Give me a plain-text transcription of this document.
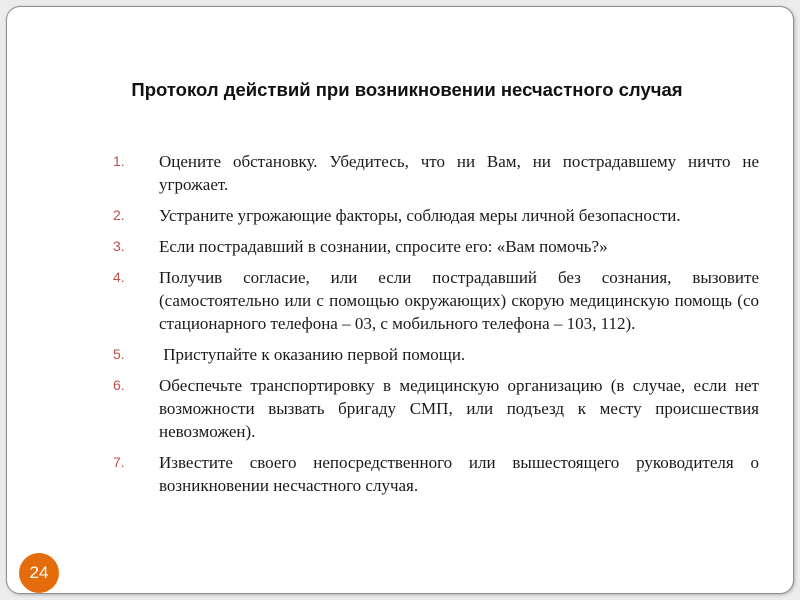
Протокол действий при возникновении несчастного случая
1. Оцените обстановку. Убедитесь, что ни Вам, ни пострадавшему ничто не угрожает.
2. Устраните угрожающие факторы, соблюдая меры личной безопасности.
3. Если пострадавший в сознании, спросите его: «Вам помочь?»
4. Получив согласие, или если пострадавший без сознания, вызовите (самостоятельно или с помощью окружающих) скорую медицинскую помощь (со стационарного телефона – 03, с мобильного телефона – 103, 112).
5. Приступайте к оказанию первой помощи.
6. Обеспечьте транспортировку в медицинскую организацию (в случае, если нет возможности вызвать бригаду СМП, или подъезд к месту происшествия невозможен).
7. Известите своего непосредственного или вышестоящего руководителя о возникновении несчастного случая.
24
